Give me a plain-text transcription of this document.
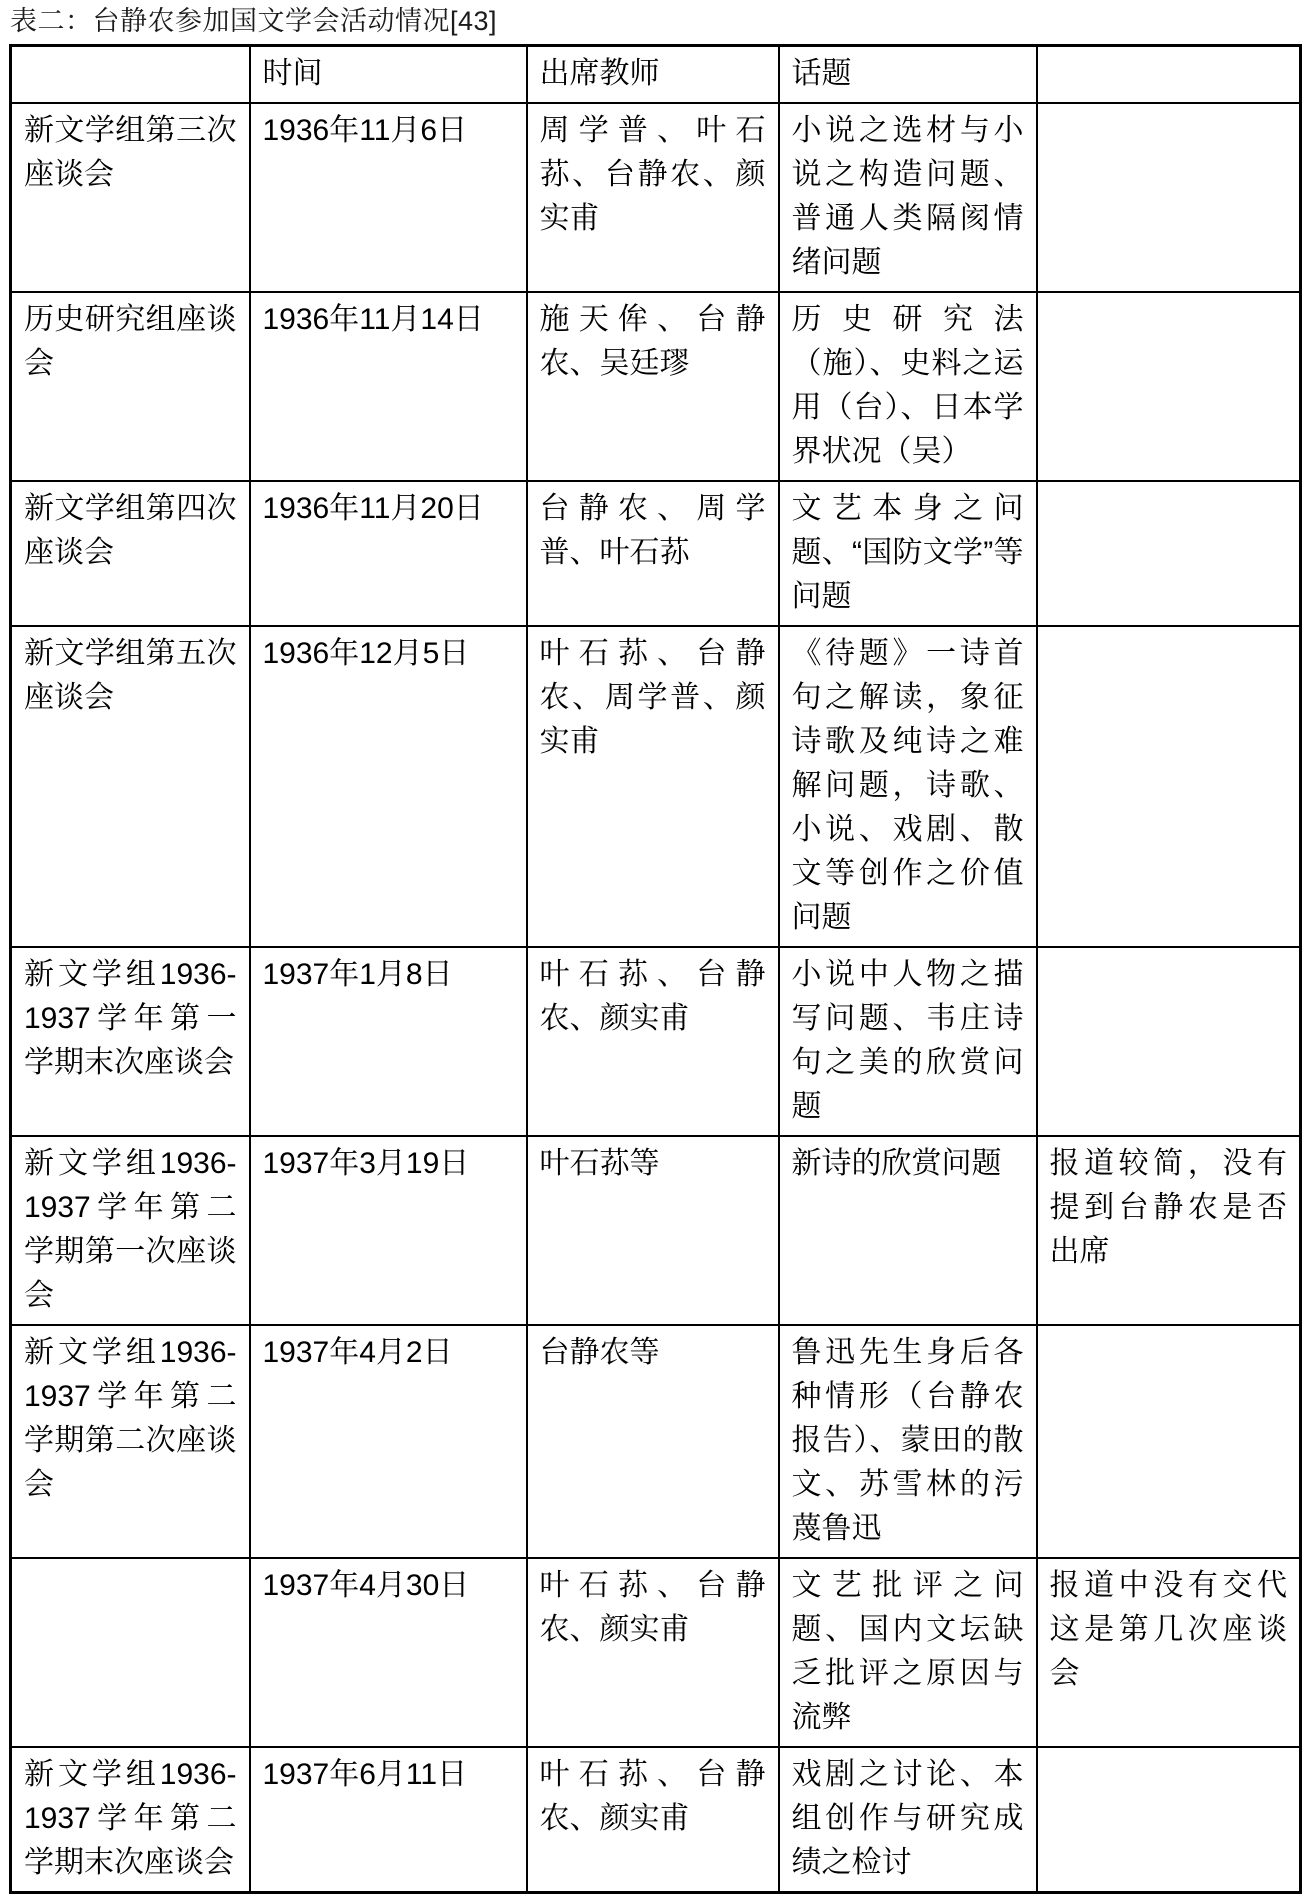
表二：台静农参加国文学会活动情况[43]
	时间	出席教师	话题	
新文学组第三次座谈会	1936年11月6日	周学普、叶石荪、台静农、颜实甫	小说之选材与小说之构造问题、普通人类隔阂情绪问题	
历史研究组座谈会	1936年11月14日	施天侔、台静农、吴廷璆	历史研究法（施）、史料之运用（台）、日本学界状况（吴）	
新文学组第四次座谈会	1936年11月20日	台静农、周学普、叶石荪	文艺本身之问题、“国防文学”等问题	
新文学组第五次座谈会	1936年12月5日	叶石荪、台静农、周学普、颜实甫	《待题》一诗首句之解读，象征诗歌及纯诗之难解问题，诗歌、小说、戏剧、散文等创作之价值问题	
新文学组1936-1937学年第一学期末次座谈会	1937年1月8日	叶石荪、台静农、颜实甫	小说中人物之描写问题、韦庄诗句之美的欣赏问题	
新文学组1936-1937学年第二学期第一次座谈会	1937年3月19日	叶石荪等	新诗的欣赏问题	报道较简，没有提到台静农是否出席
新文学组1936-1937学年第二学期第二次座谈会	1937年4月2日	台静农等	鲁迅先生身后各种情形（台静农报告）、蒙田的散文、苏雪林的污蔑鲁迅	
	1937年4月30日	叶石荪、台静农、颜实甫	文艺批评之问题、国内文坛缺乏批评之原因与流弊	报道中没有交代这是第几次座谈会
新文学组1936-1937学年第二学期末次座谈会	1937年6月11日	叶石荪、台静农、颜实甫	戏剧之讨论、本组创作与研究成绩之检讨	
